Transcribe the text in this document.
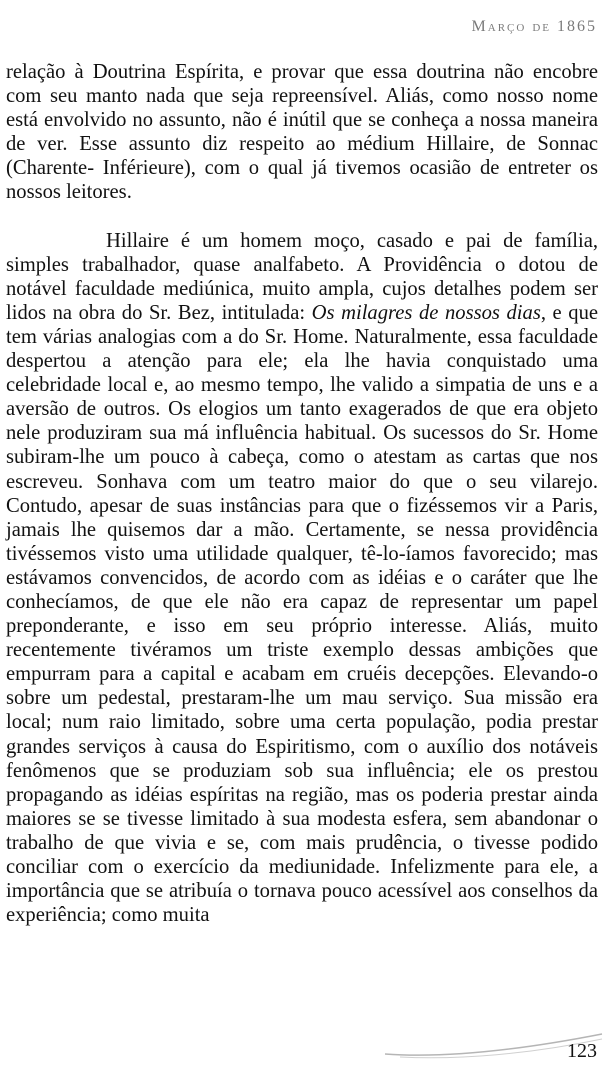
Março de 1865

relação à Doutrina Espírita, e provar que essa doutrina não encobre com seu manto nada que seja repreensível. Aliás, como nosso nome está envolvido no assunto, não é inútil que se conheça a nossa maneira de ver. Esse assunto diz respeito ao médium Hillaire, de Sonnac (Charente- Inférieure), com o qual já tivemos ocasião de entreter os nossos leitores.

Hillaire é um homem moço, casado e pai de família, simples trabalhador, quase analfabeto. A Providência o dotou de notável faculdade mediúnica, muito ampla, cujos detalhes podem ser lidos na obra do Sr. Bez, intitulada: Os milagres de nossos dias, e que tem várias analogias com a do Sr. Home. Naturalmente, essa faculdade despertou a atenção para ele; ela lhe havia conquistado uma celebridade local e, ao mesmo tempo, lhe valido a simpatia de uns e a aversão de outros. Os elogios um tanto exagerados de que era objeto nele produziram sua má influência habitual. Os sucessos do Sr. Home subiram-lhe um pouco à cabeça, como o atestam as cartas que nos escreveu. Sonhava com um teatro maior do que o seu vilarejo. Contudo, apesar de suas instâncias para que o fizéssemos vir a Paris, jamais lhe quisemos dar a mão. Certamente, se nessa providência tivéssemos visto uma utilidade qualquer, tê-lo-íamos favorecido; mas estávamos convencidos, de acordo com as idéias e o caráter que lhe conhecíamos, de que ele não era capaz de representar um papel preponderante, e isso em seu próprio interesse. Aliás, muito recentemente tivéramos um triste exemplo dessas ambições que empurram para a capital e acabam em cruéis decepções. Elevando-o sobre um pedestal, prestaram-lhe um mau serviço. Sua missão era local; num raio limitado, sobre uma certa população, podia prestar grandes serviços à causa do Espiritismo, com o auxílio dos notáveis fenômenos que se produziam sob sua influência; ele os prestou propagando as idéias espíritas na região, mas os poderia prestar ainda maiores se se tivesse limitado à sua modesta esfera, sem abandonar o trabalho de que vivia e se, com mais prudência, o tivesse podido conciliar com o exercício da mediunidade. Infelizmente para ele, a importância que se atribuía o tornava pouco acessível aos conselhos da experiência; como muita

123
